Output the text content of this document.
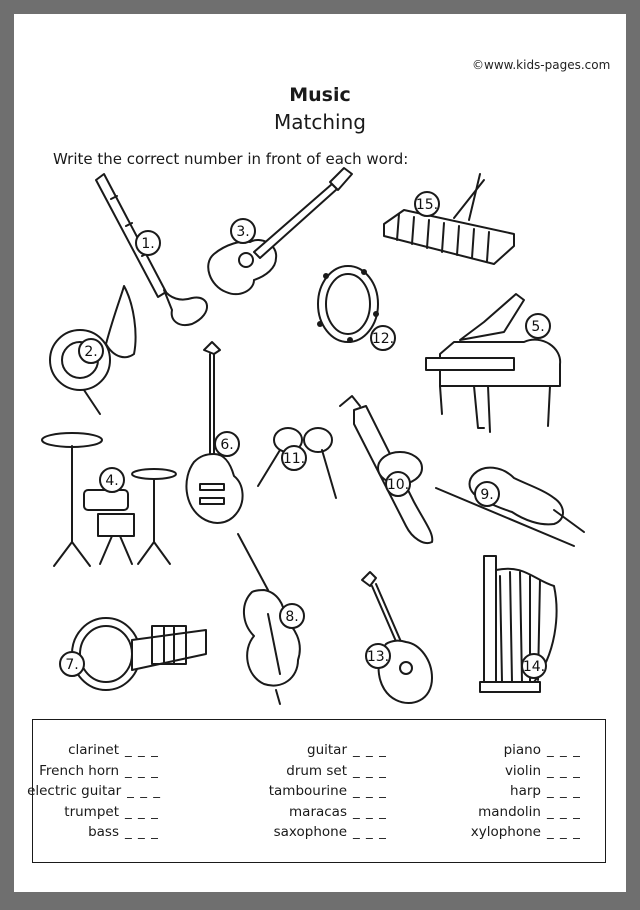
©www.kids-pages.com
Music
Matching
Write the correct number in front of each word:
1.
3.
15.
12.
2.
5.
4.
6.
11.
10.
9.
8.
7.	13.
14.
clarinet _ _ _
French horn _ _ _
electric guitar _ _ _
trumpet _ _ _
bass _ _ _
guitar _ _ _
drum set _ _ _
tambourine _ _ _
maracas _ _ _
saxophone _ _ _
piano _ _ _
violin _ _ _
harp _ _ _
mandolin _ _ _
xylophone _ _ _
